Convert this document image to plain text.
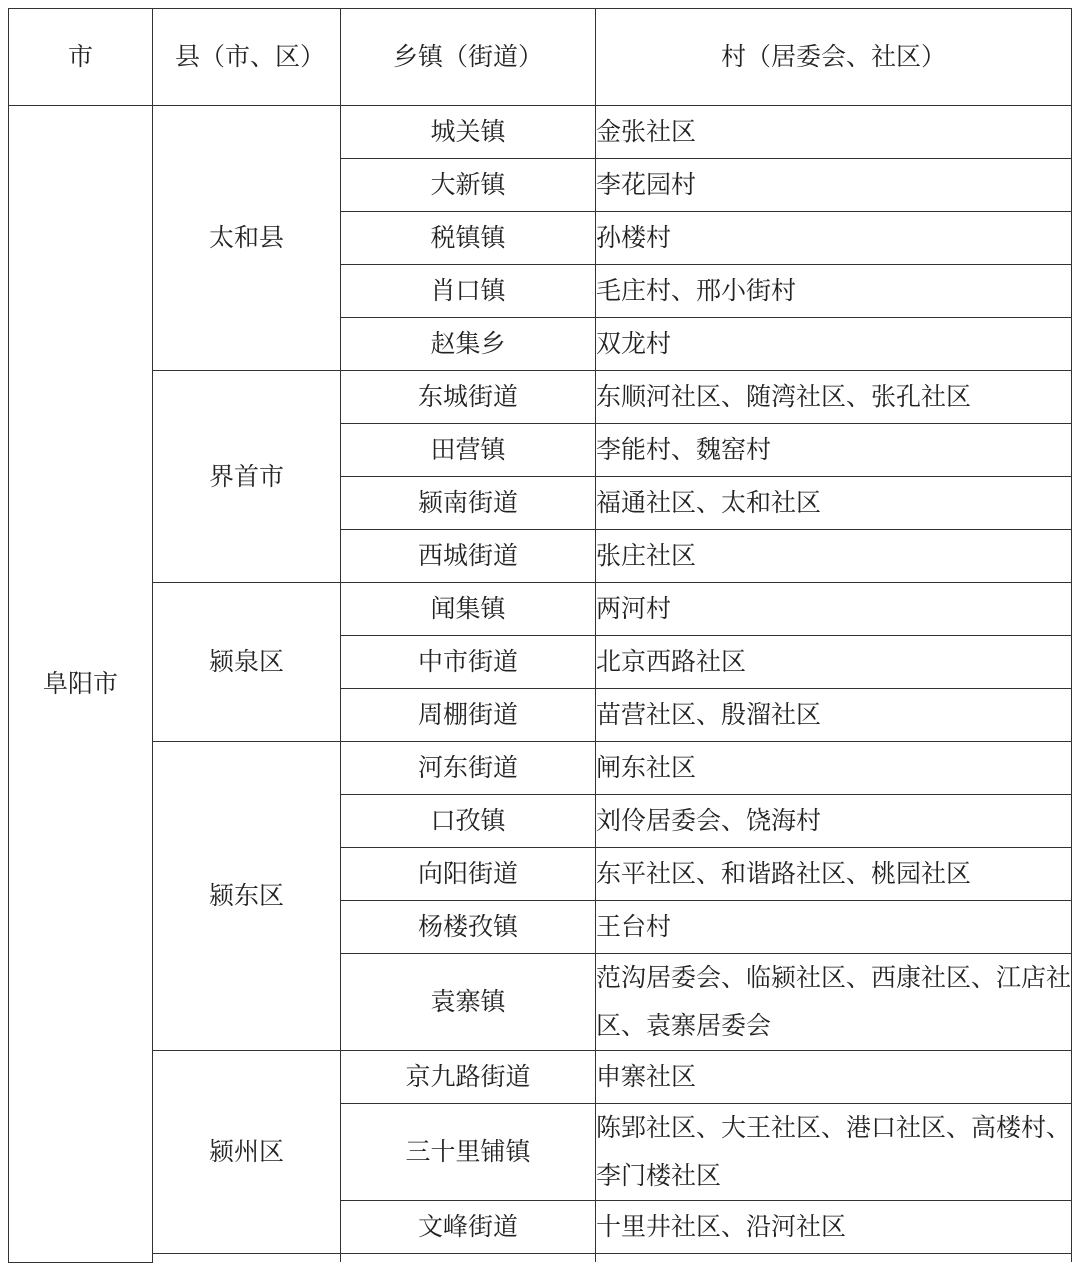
市	县（市、区）	乡镇（街道）	村（居委会、社区）
阜阳市	太和县	城关镇	金张社区
		大新镇	李花园村
		税镇镇	孙楼村
		肖口镇	毛庄村、邢小街村
		赵集乡	双龙村
	界首市	东城街道	东顺河社区、随湾社区、张孔社区
		田营镇	李能村、魏窑村
		颍南街道	福通社区、太和社区
		西城街道	张庄社区
	颍泉区	闻集镇	两河村
		中市街道	北京西路社区
		周棚街道	苗营社区、殷溜社区
	颍东区	河东街道	闸东社区
		口孜镇	刘伶居委会、饶海村
		向阳街道	东平社区、和谐路社区、桃园社区
		杨楼孜镇	王台村
		袁寨镇	范沟居委会、临颍社区、西康社区、江店社区、袁寨居委会
	颍州区	京九路街道	申寨社区
		三十里铺镇	陈郢社区、大王社区、港口社区、高楼村、李门楼社区
		文峰街道	十里井社区、沿河社区
